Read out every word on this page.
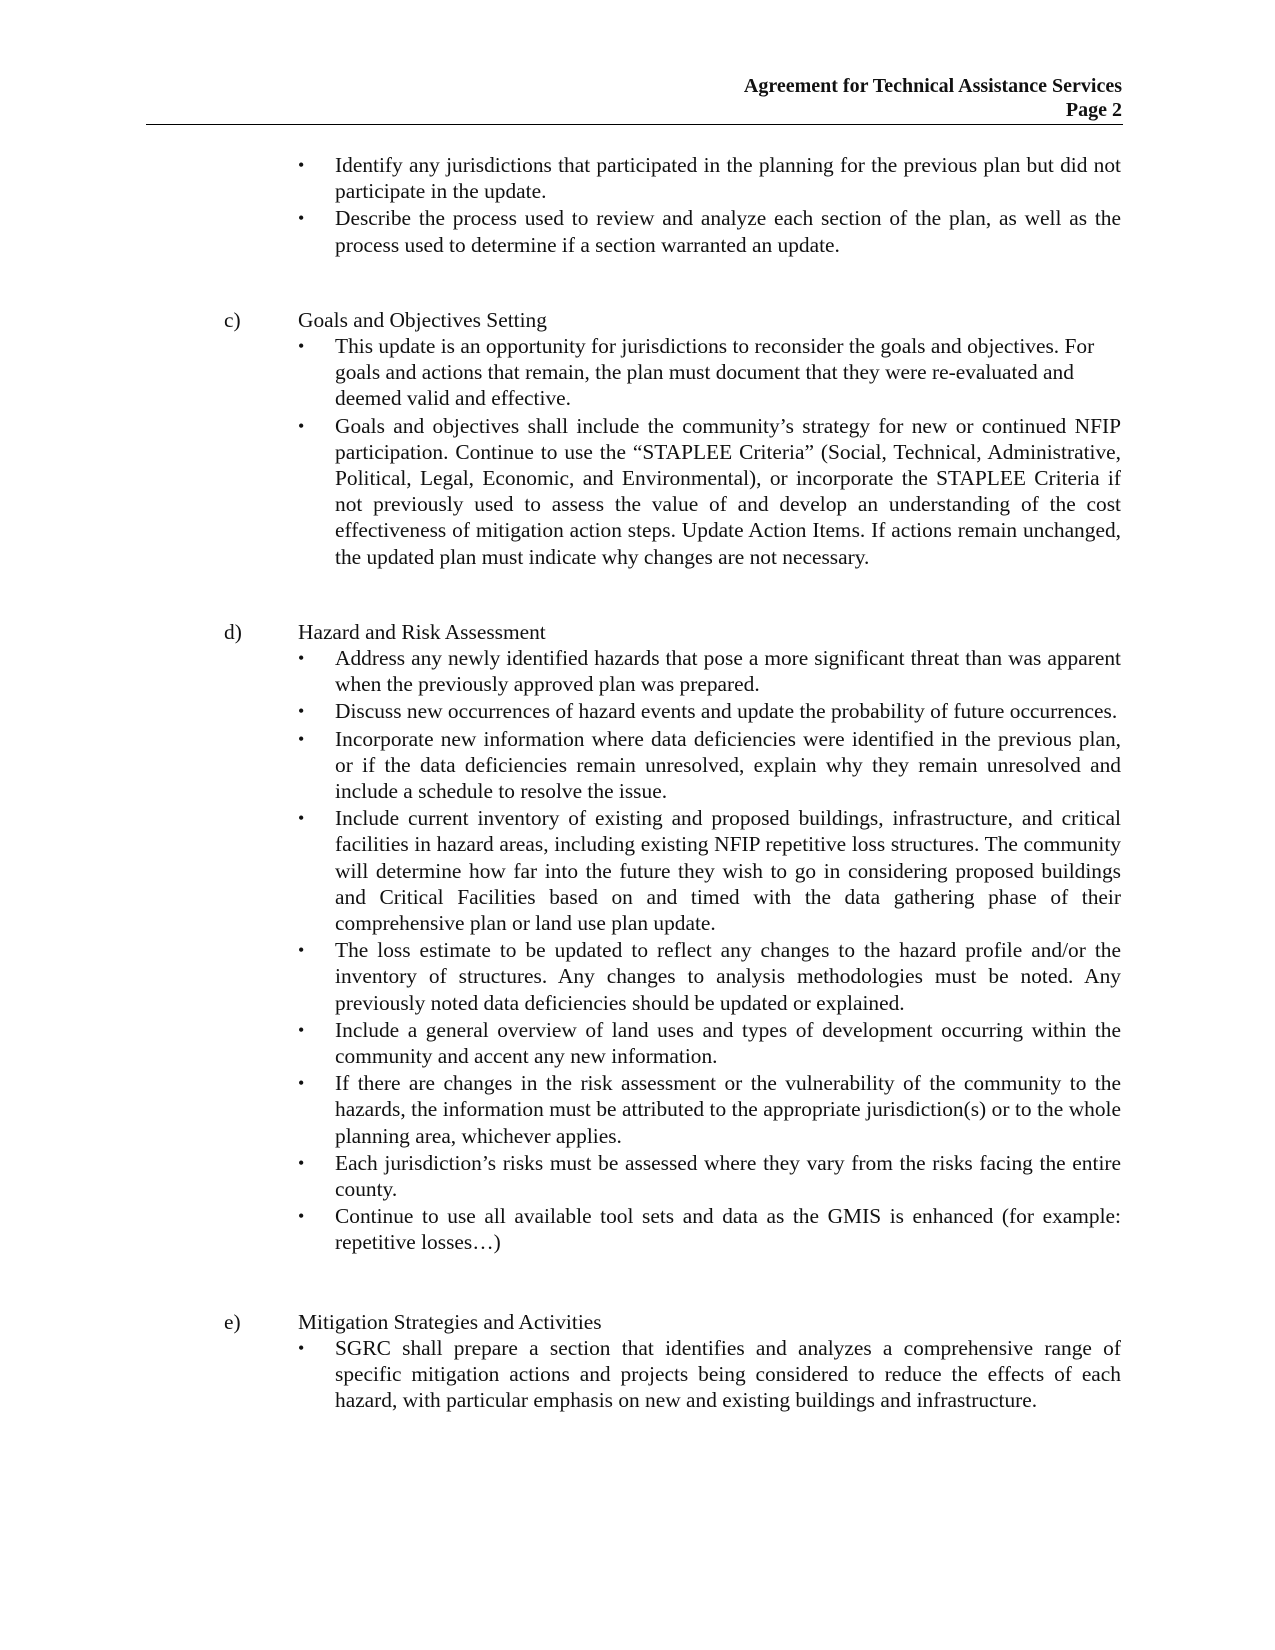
Agreement for Technical Assistance Services
Page 2
• Identify any jurisdictions that participated in the planning for the previous plan but did not participate in the update.
• Describe the process used to review and analyze each section of the plan, as well as the process used to determine if a section warranted an update.
c)	Goals and Objectives Setting
• This update is an opportunity for jurisdictions to reconsider the goals and objectives. For goals and actions that remain, the plan must document that they were re-evaluated and deemed valid and effective.
• Goals and objectives shall include the community’s strategy for new or continued NFIP participation. Continue to use the “STAPLEE Criteria” (Social, Technical, Administrative, Political, Legal, Economic, and Environmental), or incorporate the STAPLEE Criteria if not previously used to assess the value of and develop an understanding of the cost effectiveness of mitigation action steps. Update Action Items. If actions remain unchanged, the updated plan must indicate why changes are not necessary.
d)	Hazard and Risk Assessment
• Address any newly identified hazards that pose a more significant threat than was apparent when the previously approved plan was prepared.
• Discuss new occurrences of hazard events and update the probability of future occurrences.
• Incorporate new information where data deficiencies were identified in the previous plan, or if the data deficiencies remain unresolved, explain why they remain unresolved and include a schedule to resolve the issue.
• Include current inventory of existing and proposed buildings, infrastructure, and critical facilities in hazard areas, including existing NFIP repetitive loss structures. The community will determine how far into the future they wish to go in considering proposed buildings and Critical Facilities based on and timed with the data gathering phase of their comprehensive plan or land use plan update.
• The loss estimate to be updated to reflect any changes to the hazard profile and/or the inventory of structures. Any changes to analysis methodologies must be noted. Any previously noted data deficiencies should be updated or explained.
• Include a general overview of land uses and types of development occurring within the community and accent any new information.
• If there are changes in the risk assessment or the vulnerability of the community to the hazards, the information must be attributed to the appropriate jurisdiction(s) or to the whole planning area, whichever applies.
• Each jurisdiction’s risks must be assessed where they vary from the risks facing the entire county.
• Continue to use all available tool sets and data as the GMIS is enhanced (for example: repetitive losses…)
e)	Mitigation Strategies and Activities
• SGRC shall prepare a section that identifies and analyzes a comprehensive range of specific mitigation actions and projects being considered to reduce the effects of each hazard, with particular emphasis on new and existing buildings and infrastructure.
